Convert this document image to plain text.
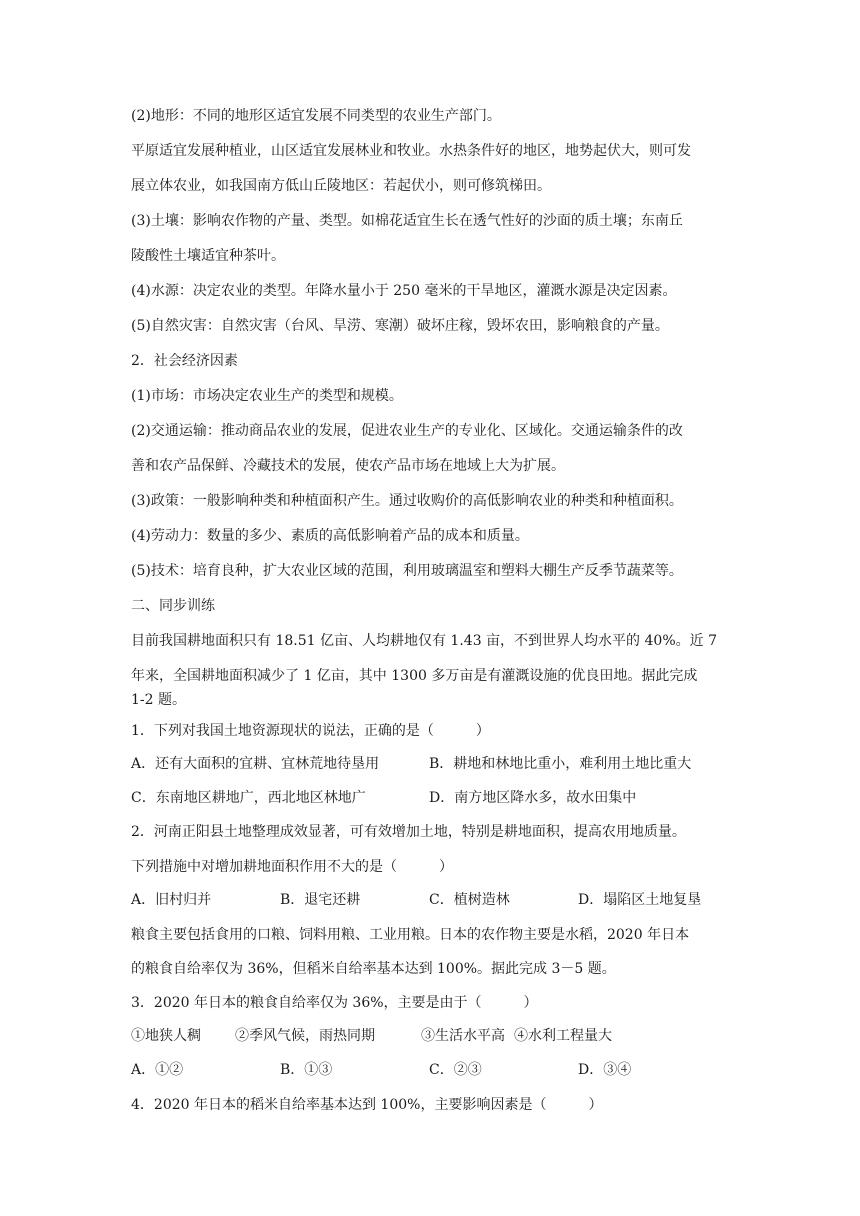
(2)地形：不同的地形区适宜发展不同类型的农业生产部门。
平原适宜发展种植业，山区适宜发展林业和牧业。水热条件好的地区，地势起伏大，则可发
展立体农业，如我国南方低山丘陵地区：若起伏小，则可修筑梯田。
(3)土壤：影响农作物的产量、类型。如棉花适宜生长在透气性好的沙面的质土壤；东南丘
陵酸性土壤适宜种茶叶。
(4)水源：决定农业的类型。年降水量小于 250 毫米的干旱地区，灌溉水源是决定因素。
(5)自然灾害：自然灾害（台风、旱涝、寒潮）破坏庄稼，毁坏农田，影响粮食的产量。
2．社会经济因素
(1)市场：市场决定农业生产的类型和规模。
(2)交通运输：推动商品农业的发展，促进农业生产的专业化、区域化。交通运输条件的改
善和农产品保鲜、冷藏技术的发展，使农产品市场在地域上大为扩展。
(3)政策：一般影响种类和种植面积产生。通过收购价的高低影响农业的种类和种植面积。
(4)劳动力：数量的多少、素质的高低影响着产品的成本和质量。
(5)技术：培育良种，扩大农业区域的范围，利用玻璃温室和塑料大棚生产反季节蔬菜等。
二、同步训练
目前我国耕地面积只有 18.51 亿亩、人均耕地仅有 1.43 亩，不到世界人均水平的 40%。近 7
年来，全国耕地面积减少了 1 亿亩，其中 1300 多万亩是有灌溉设施的优良田地。据此完成
1-2 题。
1．下列对我国土地资源现状的说法，正确的是（　　　）
A．还有大面积的宜耕、宜林荒地待垦用	B．耕地和林地比重小，难利用土地比重大
C．东南地区耕地广，西北地区林地广	D．南方地区降水多，故水田集中
2．河南正阳县土地整理成效显著，可有效增加土地，特别是耕地面积，提高农用地质量。
下列措施中对增加耕地面积作用不大的是（　　　）
A．旧村归并	B．退宅还耕	C．植树造林	D．塌陷区土地复垦
粮食主要包括食用的口粮、饲料用粮、工业用粮。日本的农作物主要是水稻，2020 年日本
的粮食自给率仅为 36%，但稻米自给率基本达到 100%。据此完成 3－5 题。
3．2020 年日本的粮食自给率仅为 36%，主要是由于（　　　）
①地狭人稠 ②季风气候，雨热同期	③生活水平高 ④水利工程量大
A．①②	B．①③	C．②③	D．③④
4．2020 年日本的稻米自给率基本达到 100%，主要影响因素是（　　　）
